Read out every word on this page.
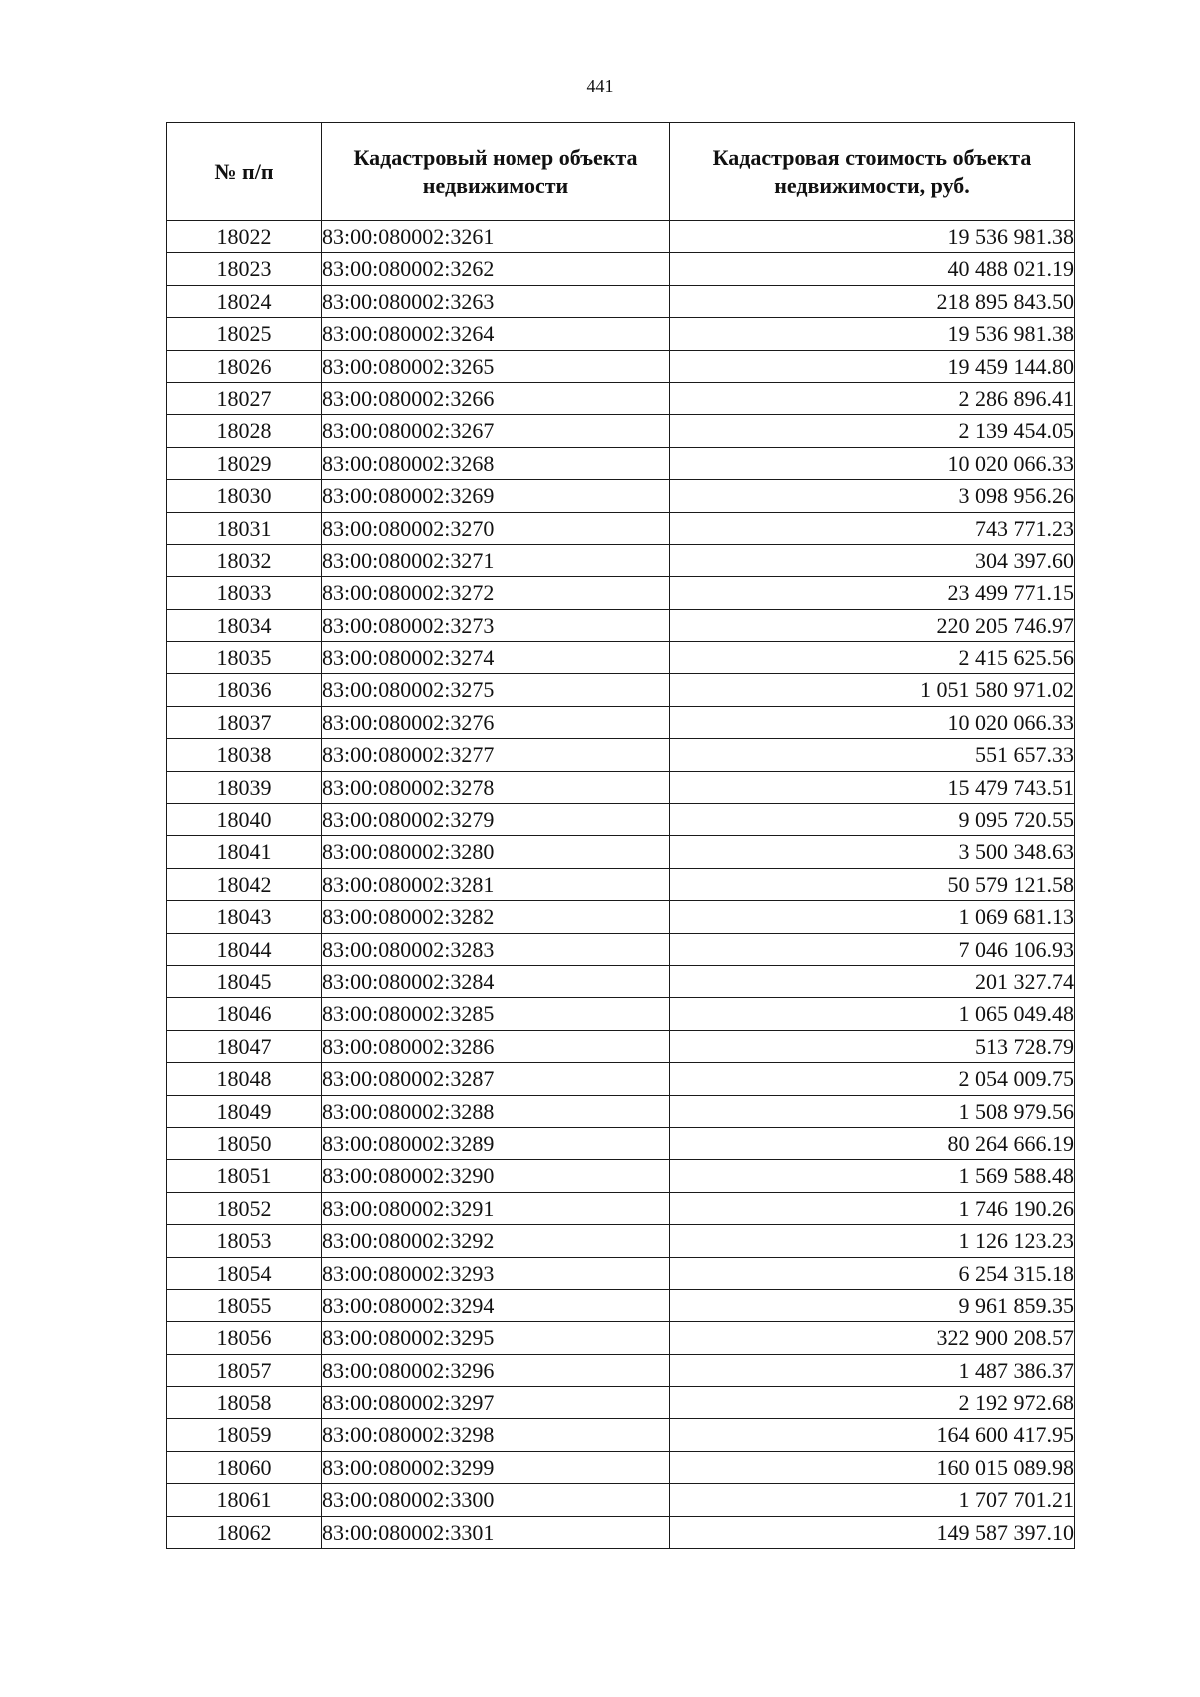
441
№ п/п	Кадастровый номер объекта недвижимости	Кадастровая стоимость объекта недвижимости, руб.
18022	83:00:080002:3261	19 536 981.38
18023	83:00:080002:3262	40 488 021.19
18024	83:00:080002:3263	218 895 843.50
18025	83:00:080002:3264	19 536 981.38
18026	83:00:080002:3265	19 459 144.80
18027	83:00:080002:3266	2 286 896.41
18028	83:00:080002:3267	2 139 454.05
18029	83:00:080002:3268	10 020 066.33
18030	83:00:080002:3269	3 098 956.26
18031	83:00:080002:3270	743 771.23
18032	83:00:080002:3271	304 397.60
18033	83:00:080002:3272	23 499 771.15
18034	83:00:080002:3273	220 205 746.97
18035	83:00:080002:3274	2 415 625.56
18036	83:00:080002:3275	1 051 580 971.02
18037	83:00:080002:3276	10 020 066.33
18038	83:00:080002:3277	551 657.33
18039	83:00:080002:3278	15 479 743.51
18040	83:00:080002:3279	9 095 720.55
18041	83:00:080002:3280	3 500 348.63
18042	83:00:080002:3281	50 579 121.58
18043	83:00:080002:3282	1 069 681.13
18044	83:00:080002:3283	7 046 106.93
18045	83:00:080002:3284	201 327.74
18046	83:00:080002:3285	1 065 049.48
18047	83:00:080002:3286	513 728.79
18048	83:00:080002:3287	2 054 009.75
18049	83:00:080002:3288	1 508 979.56
18050	83:00:080002:3289	80 264 666.19
18051	83:00:080002:3290	1 569 588.48
18052	83:00:080002:3291	1 746 190.26
18053	83:00:080002:3292	1 126 123.23
18054	83:00:080002:3293	6 254 315.18
18055	83:00:080002:3294	9 961 859.35
18056	83:00:080002:3295	322 900 208.57
18057	83:00:080002:3296	1 487 386.37
18058	83:00:080002:3297	2 192 972.68
18059	83:00:080002:3298	164 600 417.95
18060	83:00:080002:3299	160 015 089.98
18061	83:00:080002:3300	1 707 701.21
18062	83:00:080002:3301	149 587 397.10
